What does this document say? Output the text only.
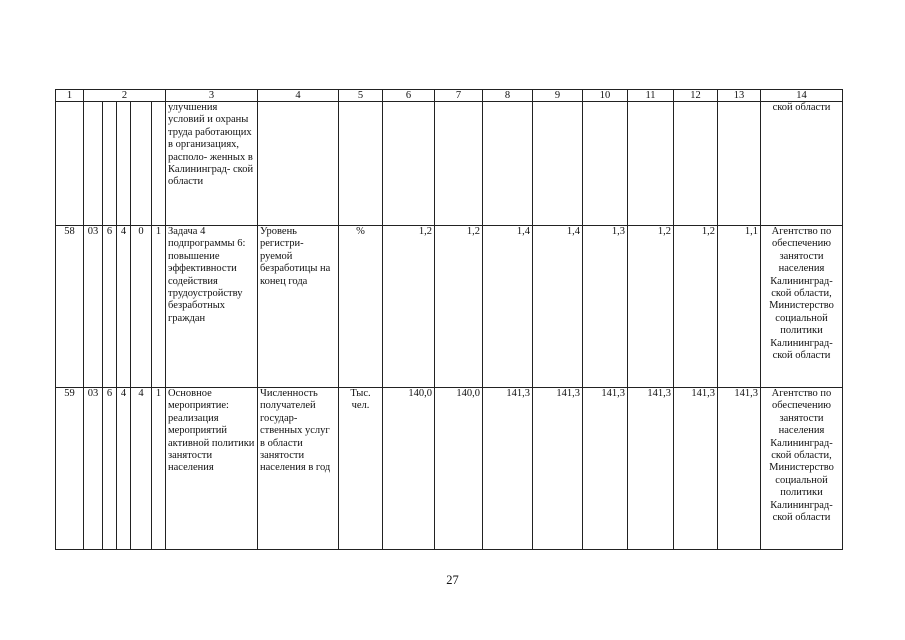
1	2					3	4	5	6	7	8	9	10	11	12	13	14
						улучшения условий и охраны труда работающих в организациях, располо- женных в Калининград- ской области											ской области
58	03	6	4	0	1	Задача 4 подпрограммы 6: повышение эффективности содействия трудоустройству безработных граждан	Уровень регистри- руемой безработицы на конец года	%	1,2	1,2	1,4	1,4	1,3	1,2	1,2	1,1	Агентство по обеспечению занятости населения Калининград- ской области, Министерство социальной политики Калининград- ской области
59	03	6	4	4	1	Основное мероприятие: реализация мероприятий активной политики занятости населения	Численность получателей государ- ственных услуг в области занятости населения в год	Тыс. чел.	140,0	140,0	141,3	141,3	141,3	141,3	141,3	141,3	Агентство по обеспечению занятости населения Калининград- ской области, Министерство социальной политики Калининград- ской области
27
